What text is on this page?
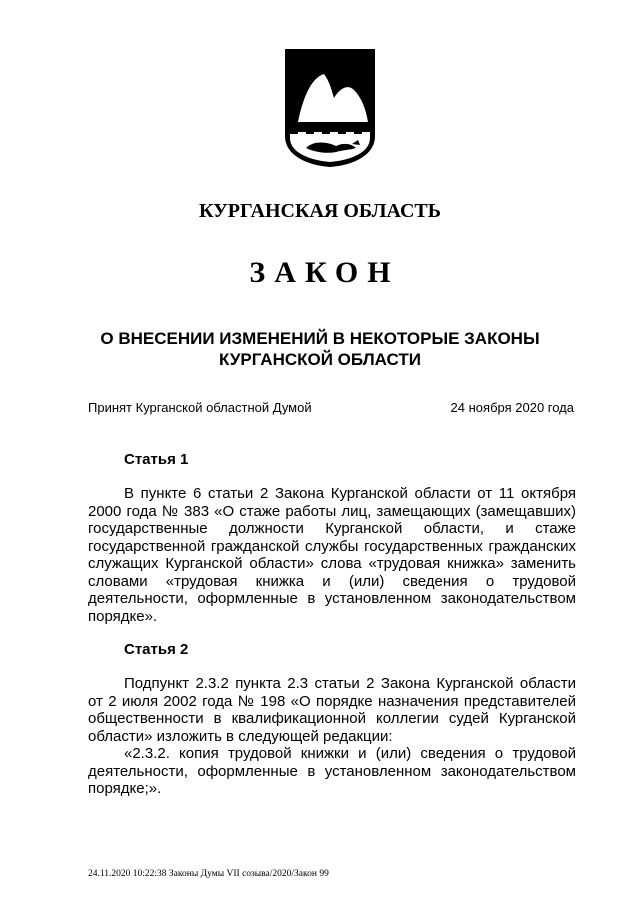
КУРГАНСКАЯ ОБЛАСТЬ
ЗАКОН
О ВНЕСЕНИИ ИЗМЕНЕНИЙ В НЕКОТОРЫЕ ЗАКОНЫ
КУРГАНСКОЙ ОБЛАСТИ
Принят Курганской областной Думой	24 ноября 2020 года
Статья 1
В пункте 6 статьи 2 Закона Курганской области от 11 октября 2000 года № 383 «О стаже работы лиц, замещающих (замещавших) государственные должности Курганской области, и стаже государственной гражданской службы государственных гражданских служащих Курганской области» слова «трудовая книжка» заменить словами «трудовая книжка и (или) сведения о трудовой деятельности, оформленные в установленном законодательством порядке».
Статья 2
Подпункт 2.3.2 пункта 2.3 статьи 2 Закона Курганской области от 2 июля 2002 года № 198 «О порядке назначения представителей общественности в квалификационной коллегии судей Курганской области» изложить в следующей редакции:
«2.3.2. копия трудовой книжки и (или) сведения о трудовой деятельности, оформленные в установленном законодательством порядке;».
24.11.2020 10:22:38 Законы Думы VII созыва/2020/Закон 99
